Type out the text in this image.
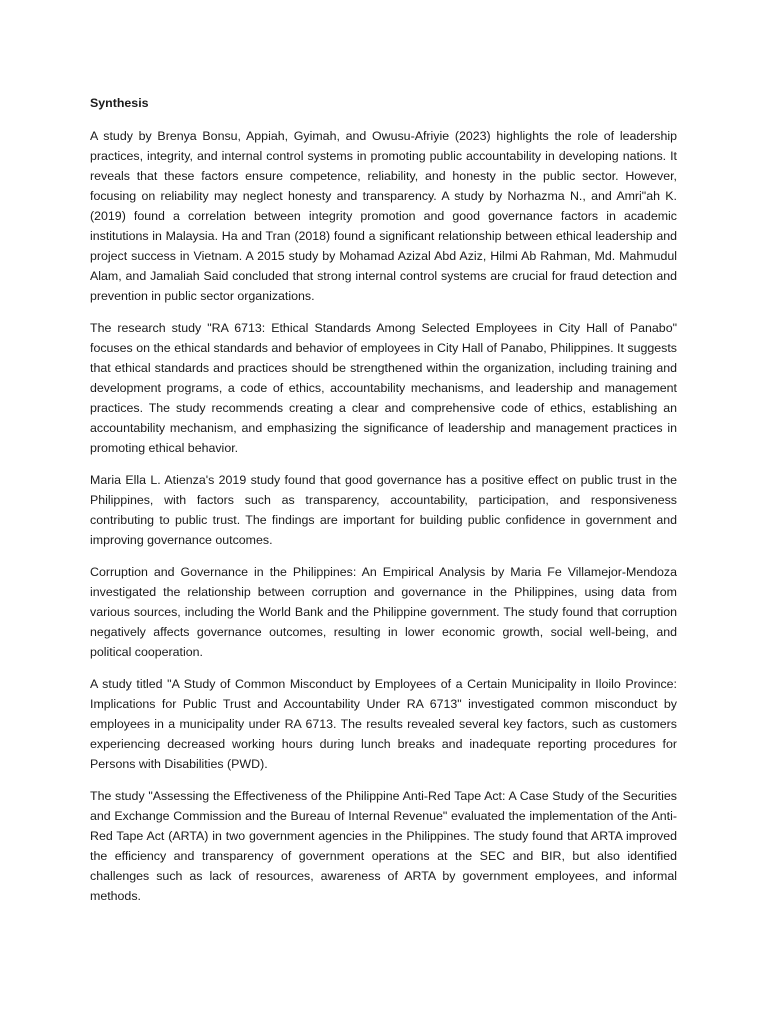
Synthesis

A study by Brenya Bonsu, Appiah, Gyimah, and Owusu-Afriyie (2023) highlights the role of leadership practices, integrity, and internal control systems in promoting public accountability in developing nations. It reveals that these factors ensure competence, reliability, and honesty in the public sector. However, focusing on reliability may neglect honesty and transparency. A study by Norhazma N., and Amri"ah K. (2019) found a correlation between integrity promotion and good governance factors in academic institutions in Malaysia. Ha and Tran (2018) found a significant relationship between ethical leadership and project success in Vietnam. A 2015 study by Mohamad Azizal Abd Aziz, Hilmi Ab Rahman, Md. Mahmudul Alam, and Jamaliah Said concluded that strong internal control systems are crucial for fraud detection and prevention in public sector organizations.

The research study "RA 6713: Ethical Standards Among Selected Employees in City Hall of Panabo" focuses on the ethical standards and behavior of employees in City Hall of Panabo, Philippines. It suggests that ethical standards and practices should be strengthened within the organization, including training and development programs, a code of ethics, accountability mechanisms, and leadership and management practices. The study recommends creating a clear and comprehensive code of ethics, establishing an accountability mechanism, and emphasizing the significance of leadership and management practices in promoting ethical behavior.

Maria Ella L. Atienza's 2019 study found that good governance has a positive effect on public trust in the Philippines, with factors such as transparency, accountability, participation, and responsiveness contributing to public trust. The findings are important for building public confidence in government and improving governance outcomes.

Corruption and Governance in the Philippines: An Empirical Analysis by Maria Fe Villamejor-Mendoza investigated the relationship between corruption and governance in the Philippines, using data from various sources, including the World Bank and the Philippine government. The study found that corruption negatively affects governance outcomes, resulting in lower economic growth, social well-being, and political cooperation.

A study titled "A Study of Common Misconduct by Employees of a Certain Municipality in Iloilo Province: Implications for Public Trust and Accountability Under RA 6713" investigated common misconduct by employees in a municipality under RA 6713. The results revealed several key factors, such as customers experiencing decreased working hours during lunch breaks and inadequate reporting procedures for Persons with Disabilities (PWD).

The study "Assessing the Effectiveness of the Philippine Anti-Red Tape Act: A Case Study of the Securities and Exchange Commission and the Bureau of Internal Revenue" evaluated the implementation of the Anti-Red Tape Act (ARTA) in two government agencies in the Philippines. The study found that ARTA improved the efficiency and transparency of government operations at the SEC and BIR, but also identified challenges such as lack of resources, awareness of ARTA by government employees, and informal methods.
